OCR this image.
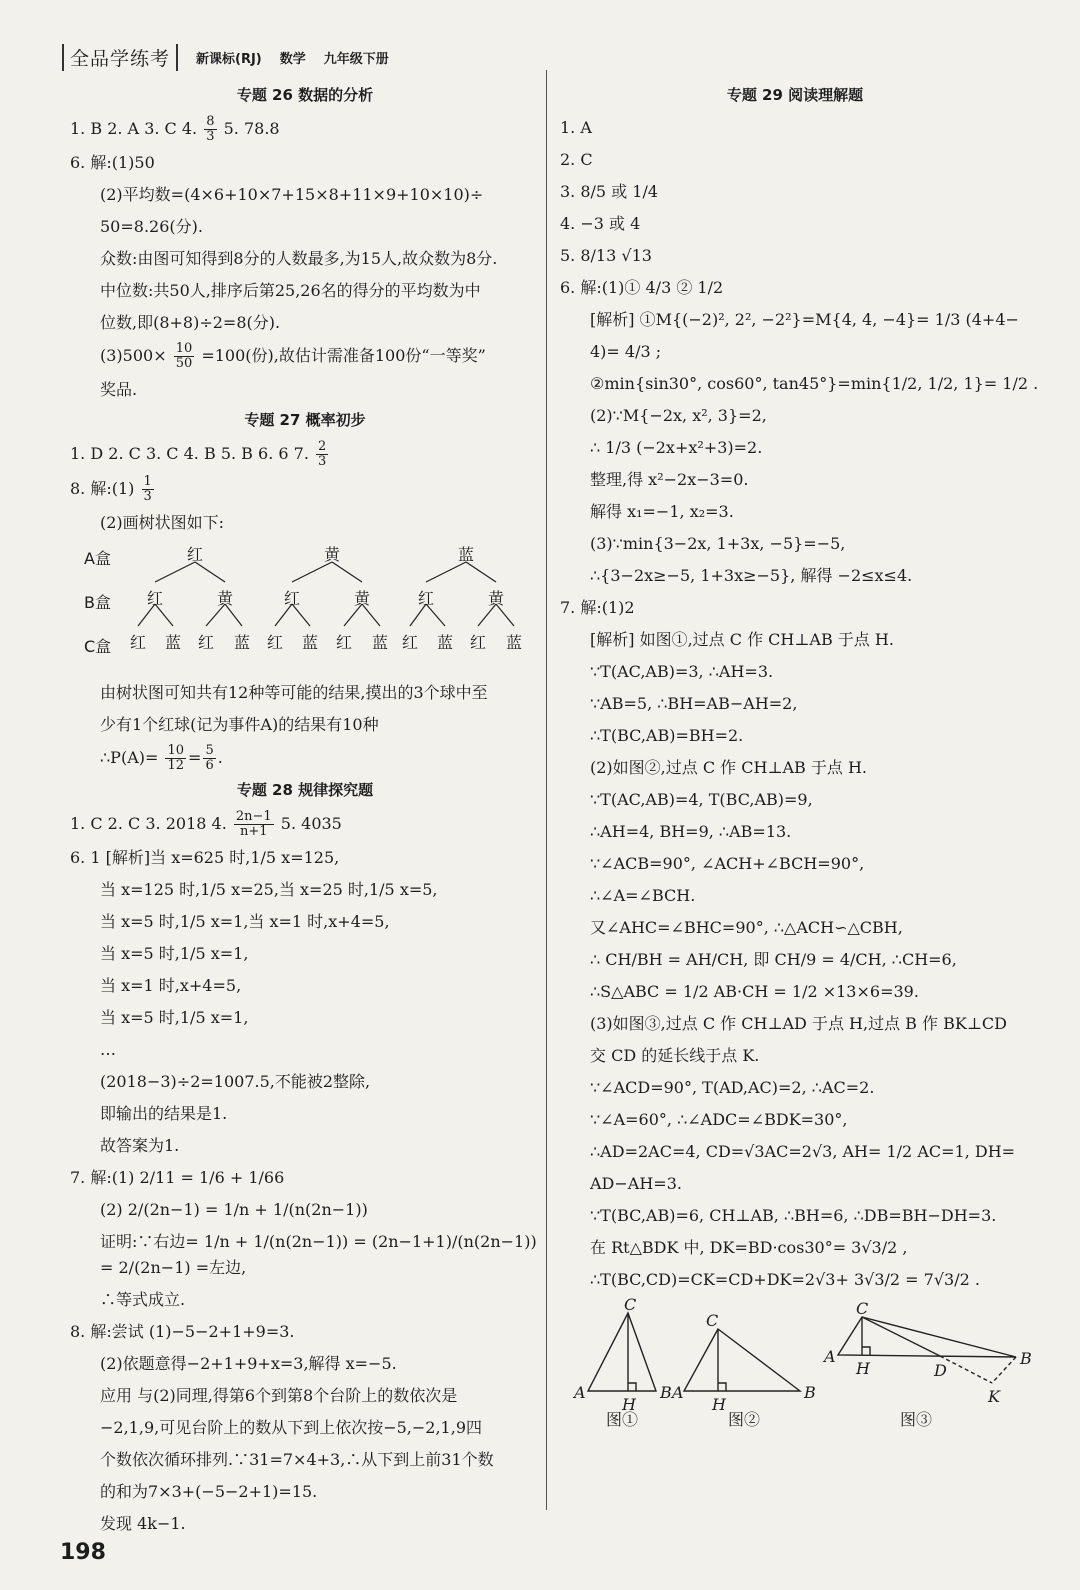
全品学练考	新课标(RJ) 数学 九年级下册
专题 26 数据的分析
1. B 2. A 3. C 4. $\frac{8}{3} 5$. 78.8
6. 解:(1)50
(2)平均数=(4×6+10×7+15×8+11×9+10×10)÷
50=8.26(分).
众数:由图可知得到8分的人数最多,为15人,故众数为8分.
中位数:共50人,排序后第25,26名的得分的平均数为中
位数,即(8+8)÷2=8(分).
$(3)500\times \frac{10}{50} =100$(份),故估计需准备100份“一等奖”
奖品.
专题 27 概率初步
1. D 2. C 3. C 4. B 5. B 6. 6 7. $\frac{2}{3}$
8. 解:(1) $\frac{1}{3}$
(2)画树状图如下:
A盒
B盒
C盒
红	黄	蓝
红	黄	红	黄	红	黄
红 蓝 红 蓝 红 蓝 红 蓝 红 蓝 红 蓝
由树状图可知共有12种等可能的结果,摸出的3个球中至
少有1个红球(记为事件A)的结果有10种
∴P(A)= $\frac{10}{12} = \frac{5}{6}$ .
专题 28 规律探究题
1. C 2. C 3. 2018 4. $\frac{2n-1}{n+1} 5$. 4035
6. 1 [解析]当 x=625 时,1/5 x=125,
当 x=125 时,1/5 x=25,当 x=25 时,1/5 x=5,
当 x=5 时,1/5 x=1,当 x=1 时,x+4=5,
当 x=5 时,1/5 x=1,
当 x=1 时,x+4=5,
当 x=5 时,1/5 x=1,
…
(2018−3)÷2=1007.5,不能被2整除,
即输出的结果是1.
故答案为1.
7. 解:(1) 2/11 = 1/6 + 1/66
(2) 2/(2n−1) = 1/n + 1/(n(2n−1))
证明:∵右边= 1/n + 1/(n(2n−1)) = (2n−1+1)/(n(2n−1)) = 2/(2n−1) =左边,
∴等式成立.
8. 解:尝试 (1)−5−2+1+9=3.
(2)依题意得−2+1+9+x=3,解得 x=−5.
应用 与(2)同理,得第6个到第8个台阶上的数依次是
−2,1,9,可见台阶上的数从下到上依次按−5,−2,1,9四
个数依次循环排列.∵31=7×4+3,∴从下到上前31个数
的和为7×3+(−5−2+1)=15.
发现 4k−1.
专题 29 阅读理解题
1. A
2. C
3. 8/5 或 1/4
4. −3 或 4
5. 8/13 √13
6. 解:(1)① 4/3 ② 1/2
[解析] ①M{(−2)², 2², −2²}=M{4, 4, −4}= 1/3 (4+4−
4)= 4/3 ;
②min{sin30°, cos60°, tan45°}=min{1/2, 1/2, 1}= 1/2 .
(2)∵M{−2x, x², 3}=2,
∴ 1/3 (−2x+x²+3)=2.
整理,得 x²−2x−3=0.
解得 x₁=−1, x₂=3.
(3)∵min{3−2x, 1+3x, −5}=−5,
∴{3−2x≥−5, 1+3x≥−5}, 解得 −2≤x≤4.
7. 解:(1)2
[解析] 如图①,过点 C 作 CH⊥AB 于点 H.
∵T(AC,AB)=3, ∴AH=3.
∵AB=5, ∴BH=AB−AH=2,
∴T(BC,AB)=BH=2.
(2)如图②,过点 C 作 CH⊥AB 于点 H.
∵T(AC,AB)=4, T(BC,AB)=9,
∴AH=4, BH=9, ∴AB=13.
∵∠ACB=90°, ∠ACH+∠BCH=90°,
∴∠A=∠BCH.
又∠AHC=∠BHC=90°, ∴△ACH∽△CBH,
∴ CH/BH = AH/CH, 即 CH/9 = 4/CH, ∴CH=6,
∴S△ABC = 1/2 AB·CH = 1/2 ×13×6=39.
(3)如图③,过点 C 作 CH⊥AD 于点 H,过点 B 作 BK⊥CD
交 CD 的延长线于点 K.
∵∠ACD=90°, T(AD,AC)=2, ∴AC=2.
∵∠A=60°, ∴∠ADC=∠BDK=30°,
∴AD=2AC=4, CD=√3AC=2√3, AH= 1/2 AC=1, DH=
AD−AH=3.
∵T(BC,AB)=6, CH⊥AB, ∴BH=6, ∴DB=BH−DH=3.
在 Rt△BDK 中, DK=BD·cos30°= 3√3/2 ,
∴T(BC,CD)=CK=CD+DK=2√3+ 3√3/2 = 7√3/2 .
C
A	B
H
C
A	B
H
C
A	B
H	D
K
图①	图②	图③
198
